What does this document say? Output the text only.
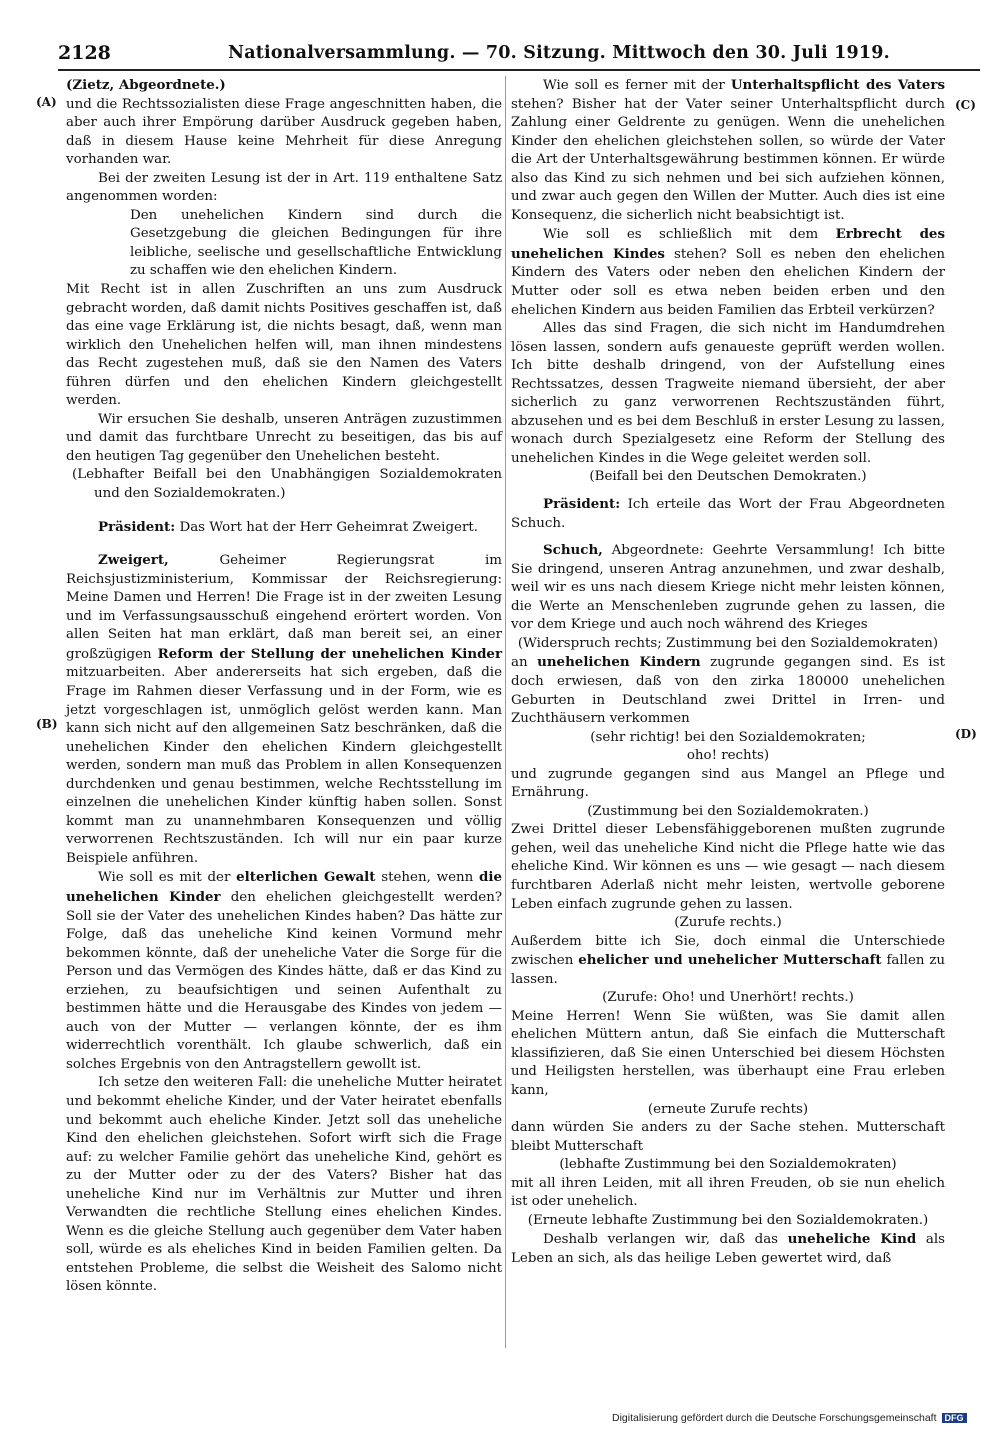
2128	Nationalversammlung. — 70. Sitzung. Mittwoch den 30. Juli 1919.
(A)
(B)
(C)
(D)

(Zietz, Abgeordnete.)

und die Rechtssozialisten diese Frage angeschnitten haben, die aber auch ihrer Empörung darüber Ausdruck gegeben haben, daß in diesem Hause keine Mehrheit für diese Anregung vorhanden war.

Bei der zweiten Lesung ist der in Art. 119 enthaltene Satz angenommen worden:

Den unehelichen Kindern sind durch die Gesetzgebung die gleichen Bedingungen für ihre leibliche, seelische und gesellschaftliche Entwicklung zu schaffen wie den ehelichen Kindern.

Mit Recht ist in allen Zuschriften an uns zum Ausdruck gebracht worden, daß damit nichts Positives geschaffen ist, daß das eine vage Erklärung ist, die nichts besagt, daß, wenn man wirklich den Unehelichen helfen will, man ihnen mindestens das Recht zugestehen muß, daß sie den Namen des Vaters führen dürfen und den ehelichen Kindern gleichgestellt werden.

Wir ersuchen Sie deshalb, unseren Anträgen zuzustimmen und damit das furchtbare Unrecht zu beseitigen, das bis auf den heutigen Tag gegenüber den Unehelichen besteht.

(Lebhafter Beifall bei den Unabhängigen Sozialdemokraten und den Sozialdemokraten.)

Präsident: Das Wort hat der Herr Geheimrat Zweigert.

Zweigert,	Geheimer Regierungsrat im Reichsjustizministerium, Kommissar der Reichsregierung: Meine Damen und Herren! Die Frage ist in der zweiten Lesung und im Verfassungsausschuß eingehend erörtert worden. Von allen Seiten hat man erklärt, daß man bereit sei, an einer großzügigen Reform der Stellung der unehelichen Kinder mitzuarbeiten. Aber andererseits hat sich ergeben, daß die Frage im Rahmen dieser Verfassung und in der Form, wie es jetzt vorgeschlagen ist, unmöglich gelöst werden kann. Man kann sich nicht auf den allgemeinen Satz beschränken, daß die unehelichen Kinder den ehelichen Kindern gleichgestellt werden, sondern man muß das Problem in allen Konsequenzen durchdenken und genau bestimmen, welche Rechtsstellung im einzelnen die unehelichen Kinder künftig haben sollen. Sonst kommt man zu unannehmbaren Konsequenzen und völlig verworrenen Rechtszuständen. Ich will nur ein paar kurze Beispiele anführen.

Wie soll es mit der elterlichen Gewalt stehen, wenn die unehelichen Kinder den ehelichen gleichgestellt werden? Soll sie der Vater des unehelichen Kindes haben? Das hätte zur Folge, daß das uneheliche Kind keinen Vormund mehr bekommen könnte, daß der uneheliche Vater die Sorge für die Person und das Vermögen des Kindes hätte, daß er das Kind zu erziehen, zu beaufsichtigen und seinen Aufenthalt zu bestimmen hätte und die Herausgabe des Kindes von jedem — auch von der Mutter — verlangen könnte, der es ihm widerrechtlich vorenthält. Ich glaube schwerlich, daß ein solches Ergebnis von den Antragstellern gewollt ist.

Ich setze den weiteren Fall: die uneheliche Mutter heiratet und bekommt eheliche Kinder, und der Vater heiratet ebenfalls und bekommt auch eheliche Kinder. Jetzt soll das uneheliche Kind den ehelichen gleichstehen. Sofort wirft sich die Frage auf: zu welcher Familie gehört das uneheliche Kind, gehört es zu der Mutter oder zu der des Vaters? Bisher hat das uneheliche Kind nur im Verhältnis zur Mutter und ihren Verwandten die rechtliche Stellung eines ehelichen Kindes. Wenn es die gleiche Stellung auch gegenüber dem Vater haben soll, würde es als eheliches Kind in beiden Familien gelten. Da entstehen Probleme, die selbst die Weisheit des Salomo nicht lösen könnte.

Wie soll es ferner mit der Unterhaltspflicht des Vaters stehen? Bisher hat der Vater seiner Unterhaltspflicht durch Zahlung einer Geldrente zu genügen. Wenn die unehelichen Kinder den ehelichen gleichstehen sollen, so würde der Vater die Art der Unterhaltsgewährung bestimmen können. Er würde also das Kind zu sich nehmen und bei sich aufziehen können, und zwar auch gegen den Willen der Mutter. Auch dies ist eine Konsequenz, die sicherlich nicht beabsichtigt ist.

Wie soll es schließlich mit dem Erbrecht des unehelichen Kindes stehen? Soll es neben den ehelichen Kindern des Vaters oder neben den ehelichen Kindern der Mutter oder soll es etwa neben beiden erben und den ehelichen Kindern aus beiden Familien das Erbteil verkürzen?

Alles das sind Fragen, die sich nicht im Handumdrehen lösen lassen, sondern aufs genaueste geprüft werden wollen. Ich bitte deshalb dringend, von der Aufstellung eines Rechtssatzes, dessen Tragweite niemand übersieht, der aber sicherlich zu ganz verworrenen Rechtszuständen führt, abzusehen und es bei dem Beschluß in erster Lesung zu lassen, wonach durch Spezialgesetz eine Reform der Stellung des unehelichen Kindes in die Wege geleitet werden soll.

(Beifall bei den Deutschen Demokraten.)

Präsident: Ich erteile das Wort der Frau Abgeordneten Schuch.

Schuch, Abgeordnete: Geehrte Versammlung! Ich bitte Sie dringend, unseren Antrag anzunehmen, und zwar deshalb, weil wir es uns nach diesem Kriege nicht mehr leisten können, die Werte an Menschenleben zugrunde gehen zu lassen, die vor dem Kriege und auch noch während des Krieges

(Widerspruch rechts; Zustimmung bei den Sozialdemokraten)

an unehelichen Kindern zugrunde gegangen sind. Es ist doch erwiesen, daß von den zirka 180000 unehelichen Geburten in Deutschland zwei Drittel in Irren- und Zuchthäusern verkommen

(sehr richtig! bei den Sozialdemokraten;

oho! rechts)

und zugrunde gegangen sind aus Mangel an Pflege und Ernährung.

(Zustimmung bei den Sozialdemokraten.)

Zwei Drittel dieser Lebensfähiggeborenen mußten zugrunde gehen, weil das uneheliche Kind nicht die Pflege hatte wie das eheliche Kind. Wir können es uns — wie gesagt — nach diesem furchtbaren Aderlaß nicht mehr leisten, wertvolle geborene Leben einfach zugrunde gehen zu lassen.

(Zurufe rechts.)

Außerdem bitte ich Sie, doch einmal die Unterschiede zwischen ehelicher und unehelicher Mutterschaft fallen zu lassen.

(Zurufe: Oho! und Unerhört! rechts.)

Meine Herren! Wenn Sie wüßten, was Sie damit allen ehelichen Müttern antun, daß Sie einfach die Mutterschaft klassifizieren, daß Sie einen Unterschied bei diesem Höchsten und Heiligsten herstellen, was überhaupt eine Frau erleben kann,

(erneute Zurufe rechts)

dann würden Sie anders zu der Sache stehen. Mutterschaft bleibt Mutterschaft

(lebhafte Zustimmung bei den Sozialdemokraten)

mit all ihren Leiden, mit all ihren Freuden, ob sie nun ehelich ist oder unehelich.

(Erneute lebhafte Zustimmung bei den Sozialdemokraten.)

Deshalb verlangen wir, daß das uneheliche Kind als Leben an sich, als das heilige Leben gewertet wird, daß

Digitalisierung gefördert durch die Deutsche Forschungsgemeinschaft DFG
